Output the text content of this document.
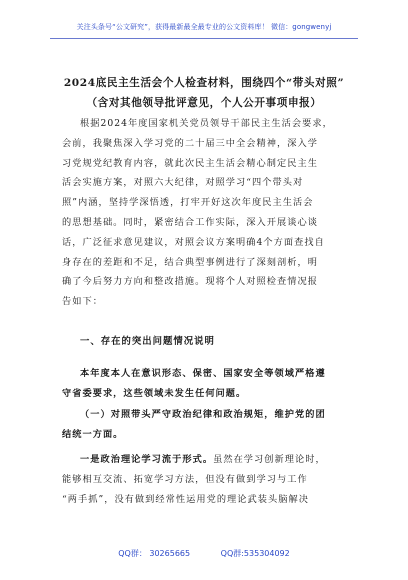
关注头条号“公文研究”，获得最新最全最专业的公文资料库！ 微信：gongwenyj
2024底民主生活会个人检查材料，围绕四个“带头对照”
（含对其他领导批评意见，个人公开事项申报）
根据2024年度国家机关党员领导干部民主生活会要求，
会前，我聚焦深入学习党的二十届三中全会精神，深入学
习党规党纪教育内容，就此次民主生活会精心制定民主生
活会实施方案，对照六大纪律，对照学习“四个带头对
照”内涵，坚持学深悟透，打牢开好这次年度民主生活会
的思想基础。同时，紧密结合工作实际，深入开展谈心谈
话，广泛征求意见建议，对照会议方案明确4个方面查找自
身存在的差距和不足，结合典型事例进行了深刻剖析，明
确了今后努力方向和整改措施。现将个人对照检查情况报
告如下：
一、存在的突出问题情况说明
本年度本人在意识形态、保密、国家安全等领域严格遵
守省委要求，这些领域未发生任何问题。
（一）对照带头严守政治纪律和政治规矩，维护党的团
结统一方面。
一是政治理论学习流于形式。虽然在学习创新理论时，
能够相互交流、拓宽学习方法，但没有做到学习与工作
“两手抓”，没有做到经常性运用党的理论武装头脑解决
QQ群： 30265665	QQ群:535304092
